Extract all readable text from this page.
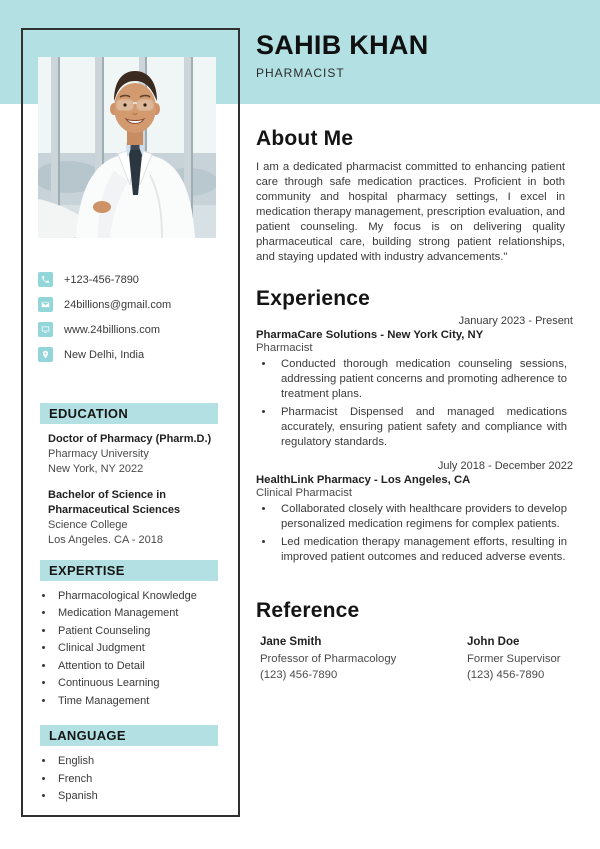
+123-456-7890
24billions@gmail.com
www.24billions.com
New Delhi, India
EDUCATION
Doctor of Pharmacy (Pharm.D.)
Pharmacy University
New York, NY 2022
Bachelor of Science in Pharmaceutical Sciences
Science College
Los Angeles. CA - 2018
EXPERTISE
• Pharmacological Knowledge
• Medication Management
• Patient Counseling
• Clinical Judgment
• Attention to Detail
• Continuous Learning
• Time Management
LANGUAGE
• English
• French
• Spanish
SAHIB KHAN
PHARMACIST
About Me

I am a dedicated pharmacist committed to enhancing patient care through safe medication practices. Proficient in both community and hospital pharmacy settings, I excel in medication therapy management, prescription evaluation, and patient counseling. My focus is on delivering quality pharmaceutical care, building strong patient relationships, and staying updated with industry advancements."

Experience
January 2023 - Present
PharmaCare Solutions - New York City, NY
Pharmacist
• Conducted thorough medication counseling sessions, addressing patient concerns and promoting adherence to treatment plans.
• Pharmacist Dispensed and managed medications accurately, ensuring patient safety and compliance with regulatory standards.
July 2018 - December 2022
HealthLink Pharmacy - Los Angeles, CA
Clinical Pharmacist
• Collaborated closely with healthcare providers to develop personalized medication regimens for complex patients.
• Led medication therapy management efforts, resulting in improved patient outcomes and reduced adverse events.
Reference
Jane Smith
Professor of Pharmacology
(123) 456-7890
John Doe
Former Supervisor
(123) 456-7890
